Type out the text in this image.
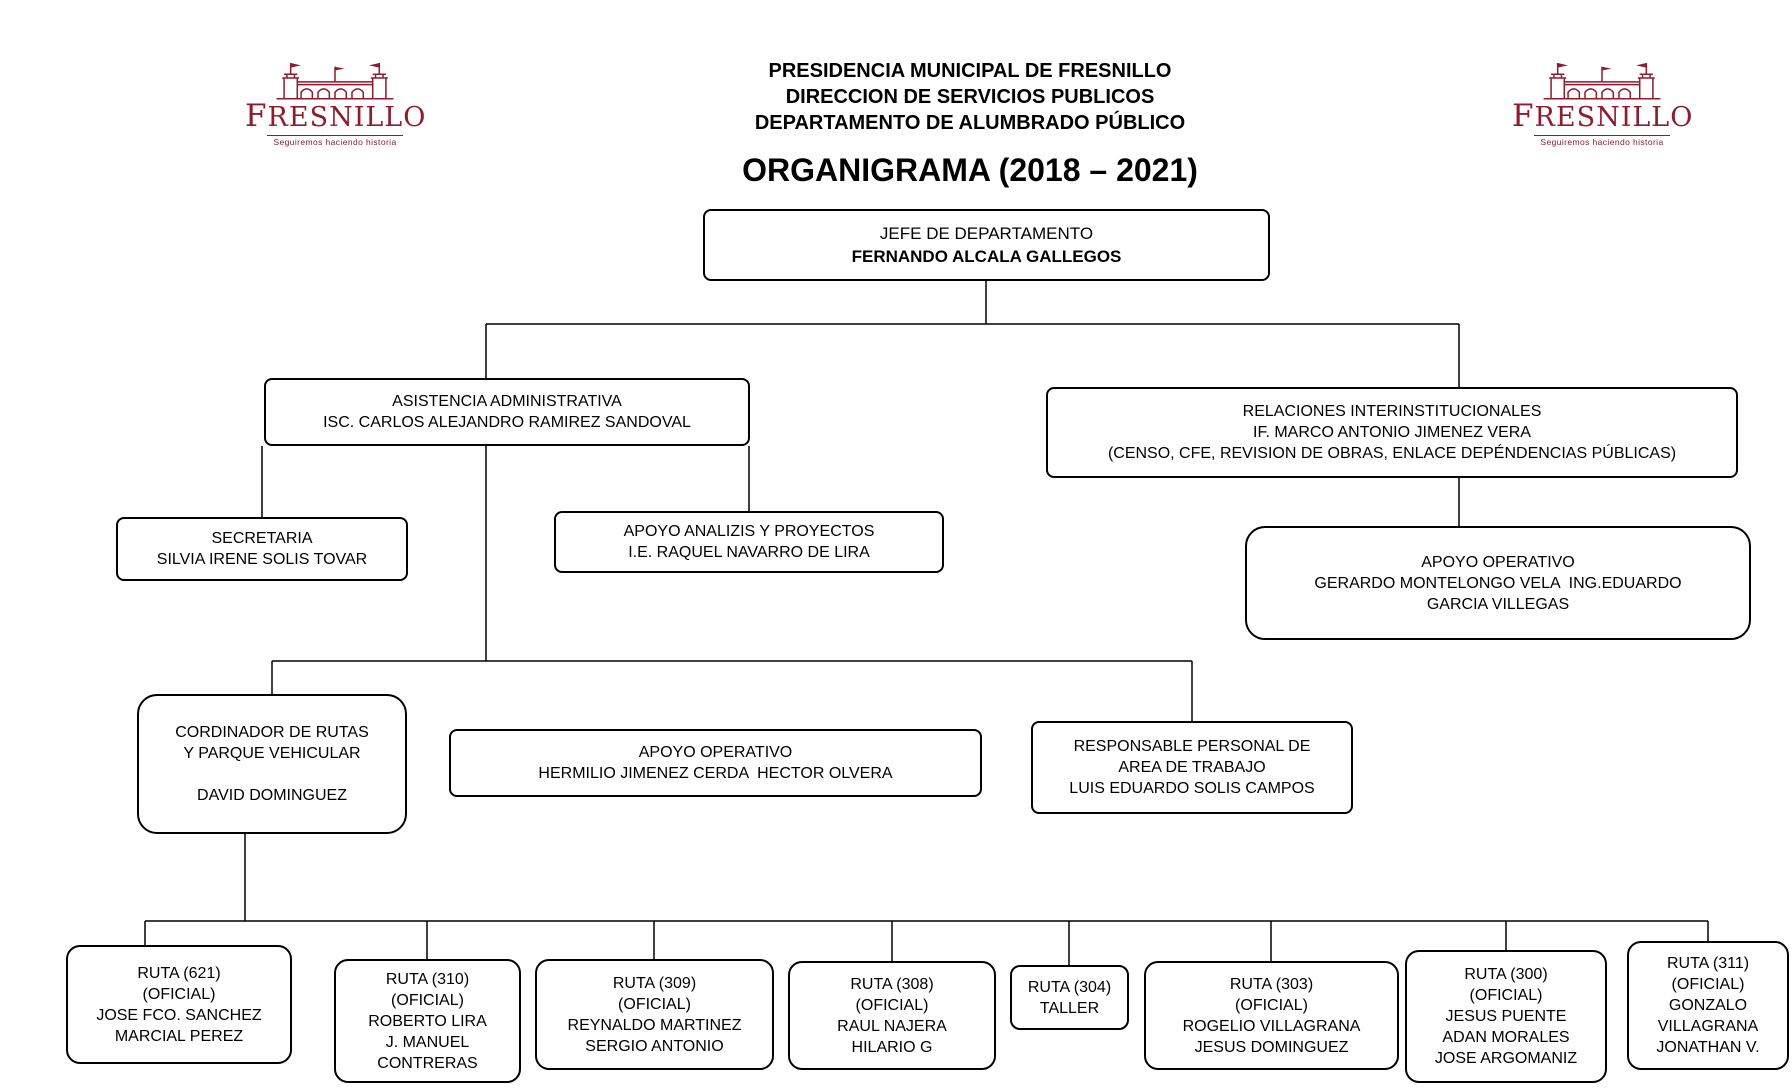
FRESNILLO
Seguiremos haciendo historia
FRESNILLO
Seguiremos haciendo historia
PRESIDENCIA MUNICIPAL DE FRESNILLO
DIRECCION DE SERVICIOS PUBLICOS
DEPARTAMENTO DE ALUMBRADO PÚBLICO
ORGANIGRAMA (2018 – 2021)
JEFE DE DEPARTAMENTO
FERNANDO ALCALA GALLEGOS
ASISTENCIA ADMINISTRATIVA
ISC. CARLOS ALEJANDRO RAMIREZ SANDOVAL
RELACIONES INTERINSTITUCIONALES
IF. MARCO ANTONIO JIMENEZ VERA
(CENSO, CFE, REVISION DE OBRAS, ENLACE DEPÉNDENCIAS PÚBLICAS)
SECRETARIA
SILVIA IRENE SOLIS TOVAR
APOYO ANALIZIS Y PROYECTOS
I.E. RAQUEL NAVARRO DE LIRA
APOYO OPERATIVO
GERARDO MONTELONGO VELA  ING.EDUARDO
GARCIA VILLEGAS
CORDINADOR DE RUTAS
Y PARQUE VEHICULAR
DAVID DOMINGUEZ
APOYO OPERATIVO
HERMILIO JIMENEZ CERDA  HECTOR OLVERA
RESPONSABLE PERSONAL DE
AREA DE TRABAJO
LUIS EDUARDO SOLIS CAMPOS
RUTA (621)
(OFICIAL)
JOSE FCO. SANCHEZ
MARCIAL PEREZ
RUTA (310)
(OFICIAL)
ROBERTO LIRA
J. MANUEL
CONTRERAS
RUTA (309)
(OFICIAL)
REYNALDO MARTINEZ
SERGIO ANTONIO
RUTA (308)
(OFICIAL)
RAUL NAJERA
HILARIO G
RUTA (304)
TALLER
RUTA (303)
(OFICIAL)
ROGELIO VILLAGRANA
JESUS DOMINGUEZ
RUTA (300)
(OFICIAL)
JESUS PUENTE
ADAN MORALES
JOSE ARGOMANIZ
RUTA (311)
(OFICIAL)
GONZALO
VILLAGRANA
JONATHAN V.
